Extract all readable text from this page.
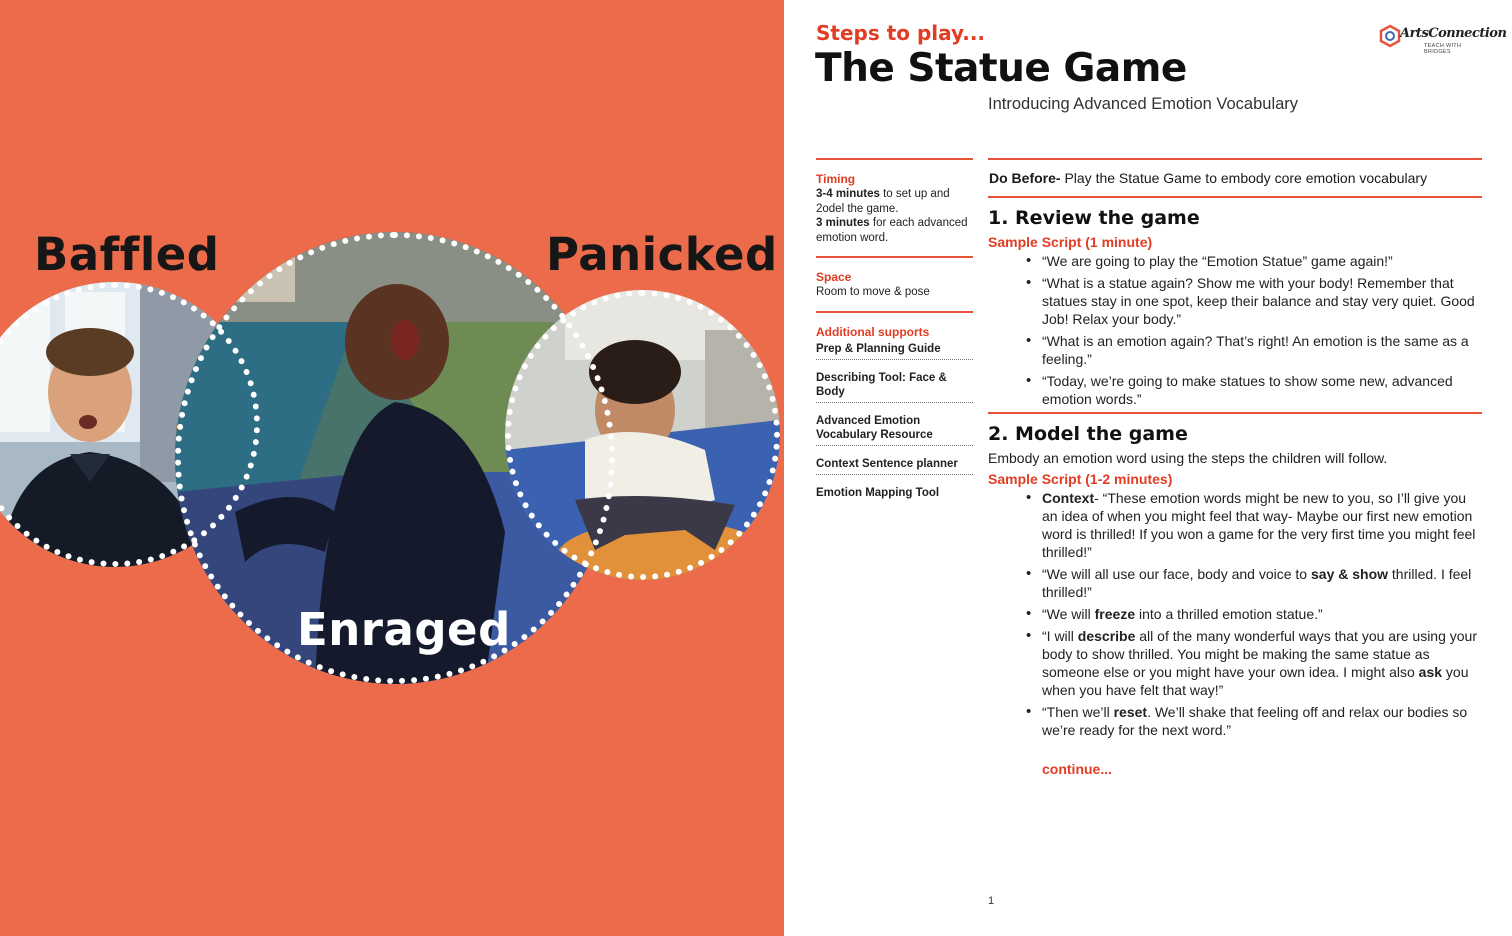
Baffled	Panicked
Enraged
Steps to play...
The Statue Game
Introducing Advanced Emotion Vocabulary
ArtsConnection
TEACH WITH BRIDGES
Timing
3-4 minutes to set up and 2odel the game.
3 minutes for each advanced emotion word.
Space
Room to move & pose
Additional supports
Prep & Planning Guide
Describing Tool: Face & Body
Advanced Emotion Vocabulary Resource
Context Sentence planner
Emotion Mapping Tool
Do Before- Play the Statue Game to embody core emotion vocabulary
1. Review the game
Sample Script (1 minute)
• “We are going to play the “Emotion Statue” game again!”
• “What is a statue again? Show me with your body! Remember that statues stay in one spot, keep their balance and stay very quiet. Good Job! Relax your body.”
• “What is an emotion again? That’s right! An emotion is the same as a feeling.”
• “Today, we’re going to make statues to show some new, advanced emotion words.”
2. Model the game
Embody an emotion word using the steps the children will follow.
Sample Script (1-2 minutes)
• Context- “These emotion words might be new to you, so I’ll give you an idea of when you might feel that way- Maybe our first new emotion word is thrilled! If you won a game for the very first time you might feel thrilled!”
• “We will all use our face, body and voice to say & show thrilled. I feel thrilled!”
• “We will freeze into a thrilled emotion statue.”
• “I will describe all of the many wonderful ways that you are using your body to show thrilled. You might be making the same statue as someone else or you might have your own idea. I might also ask you when you have felt that way!”
• “Then we’ll reset. We’ll shake that feeling off and relax our bodies so we’re ready for the next word.”
continue...
1
